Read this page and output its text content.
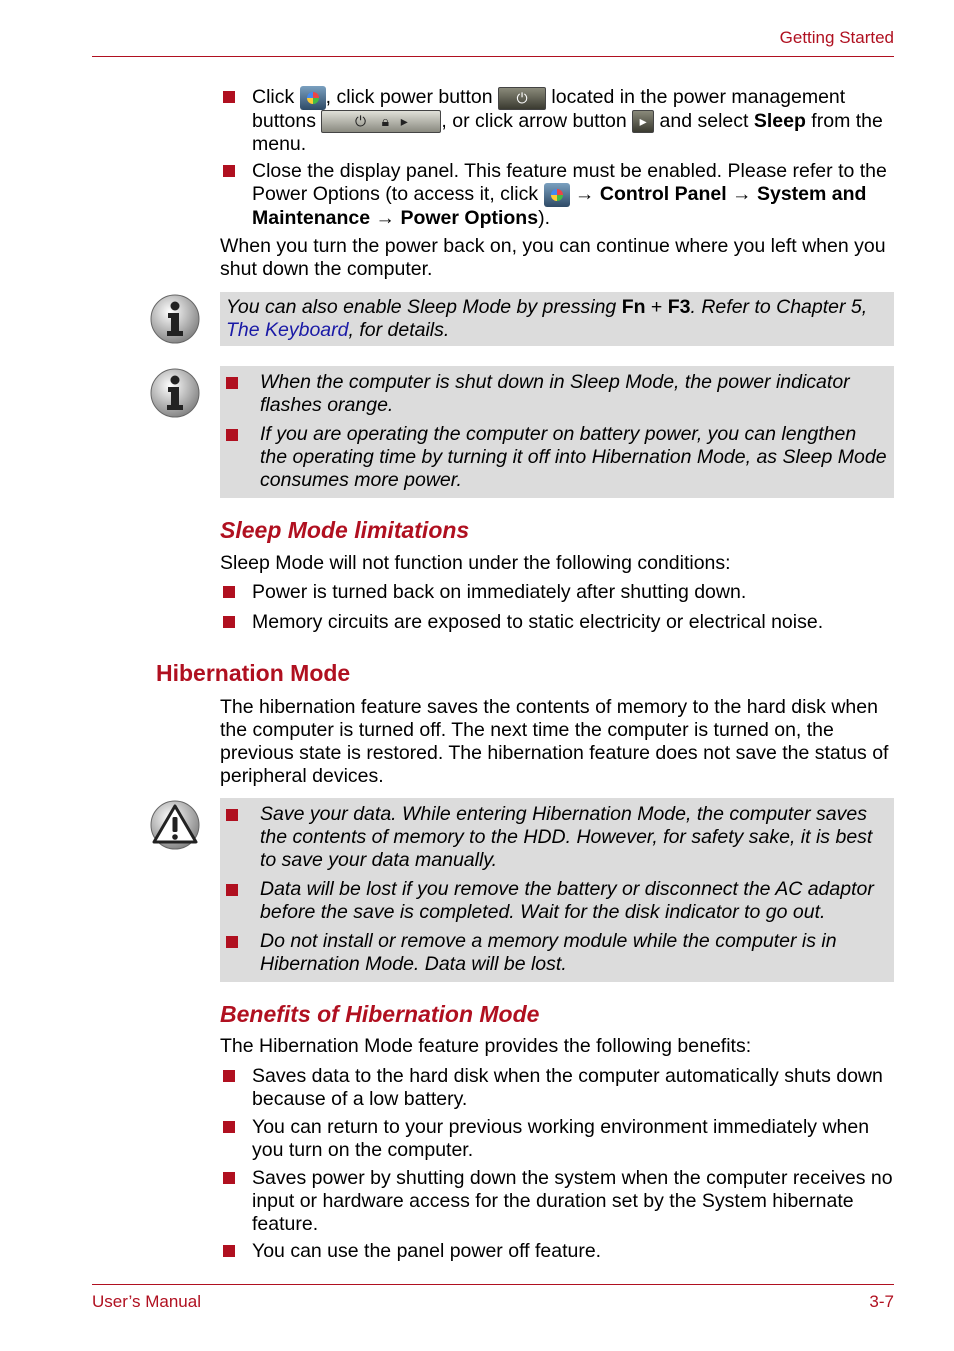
Getting Started
Click
, click power button	⏻ located in the power management buttons	⏻    🔒︎   ▸	, or click arrow button ▸ and select Sleep from the menu.
Close the display panel. This feature must be enabled. Please refer to the Power Options (to access it, click
→ Control Panel → System and Maintenance → Power Options).
When you turn the power back on, you can continue where you left when you shut down the computer.
You can also enable Sleep Mode by pressing Fn + F3. Refer to Chapter 5, The Keyboard, for details.
When the computer is shut down in Sleep Mode, the power indicator flashes orange.
If you are operating the computer on battery power, you can lengthen the operating time by turning it off into Hibernation Mode, as Sleep Mode consumes more power.
Sleep Mode limitations
Sleep Mode will not function under the following conditions:
Power is turned back on immediately after shutting down.
Memory circuits are exposed to static electricity or electrical noise.
Hibernation Mode
The hibernation feature saves the contents of memory to the hard disk when the computer is turned off. The next time the computer is turned on, the previous state is restored. The hibernation feature does not save the status of peripheral devices.
Save your data. While entering Hibernation Mode, the computer saves the contents of memory to the HDD. However, for safety sake, it is best to save your data manually.
Data will be lost if you remove the battery or disconnect the AC adaptor before the save is completed. Wait for the disk indicator to go out.
Do not install or remove a memory module while the computer is in Hibernation Mode. Data will be lost.
Benefits of Hibernation Mode
The Hibernation Mode feature provides the following benefits:
Saves data to the hard disk when the computer automatically shuts down because of a low battery.
You can return to your previous working environment immediately when you turn on the computer.
Saves power by shutting down the system when the computer receives no input or hardware access for the duration set by the System hibernate feature.
You can use the panel power off feature.
User’s Manual	3-7
